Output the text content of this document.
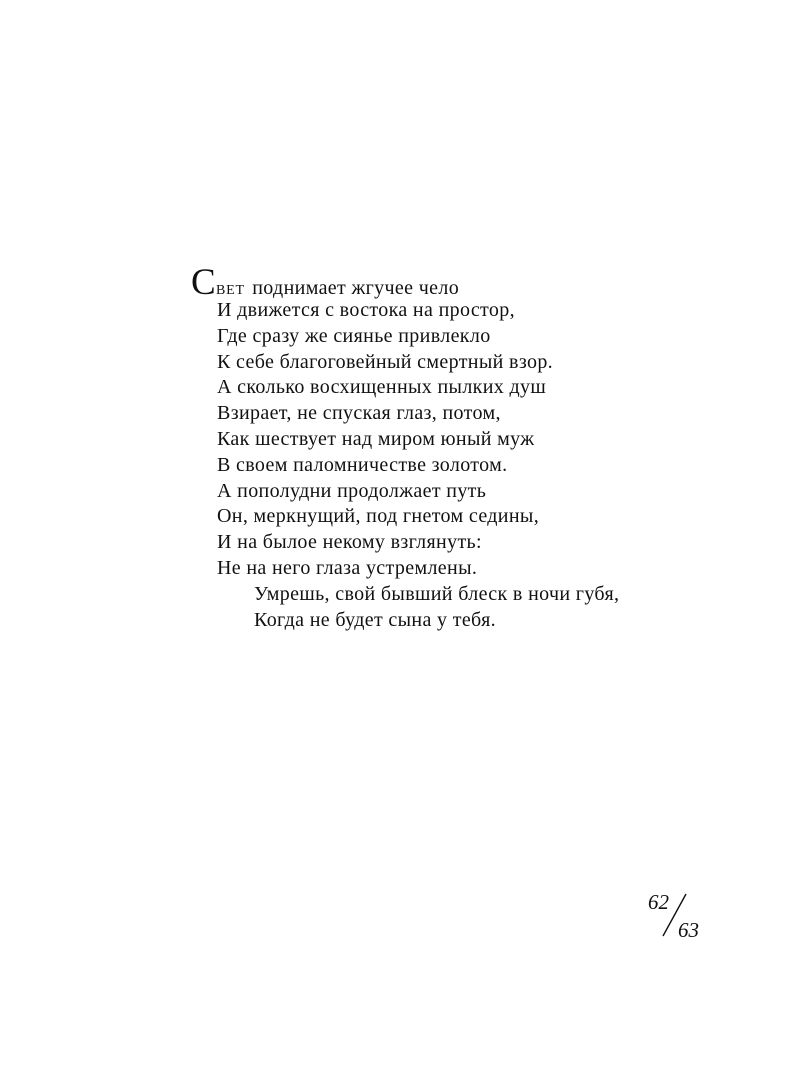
СВЕТ поднимает жгучее чело
И движется с востока на простор,
Где сразу же сиянье привлекло
К себе благоговейный смертный взор.
А сколько восхищенных пылких душ
Взирает, не спуская глаз, потом,
Как шествует над миром юный муж
В своем паломничестве золотом.
А пополудни продолжает путь
Он, меркнущий, под гнетом седины,
И на былое некому взглянуть:
Не на него глаза устремлены.
Умрешь, свой бывший блеск в ночи губя,
Когда не будет сына у тебя.
62
63
